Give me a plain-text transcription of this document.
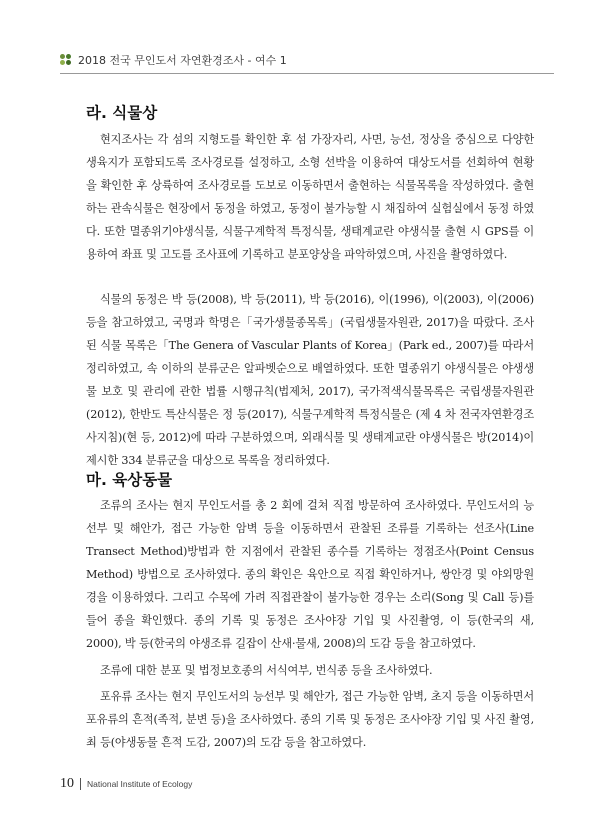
2018 전국 무인도서 자연환경조사 - 여수 1
라. 식물상

현지조사는 각 섬의 지형도를 확인한 후 섬 가장자리, 사면, 능선, 정상을 중심으로 다양한 생육지가 포함되도록 조사경로를 설정하고, 소형 선박을 이용하여 대상도서를 선회하여 현황을 확인한 후 상륙하여 조사경로를 도보로 이동하면서 출현하는 식물목록을 작성하였다. 출현하는 관속식물은 현장에서 동정을 하였고, 동정이 불가능할 시 채집하여 실험실에서 동정 하였다. 또한 멸종위기야생식물, 식물구계학적 특정식물, 생태계교란 야생식물 출현 시 GPS를 이용하여 좌표 및 고도를 조사표에 기록하고 분포양상을 파악하였으며, 사진을 촬영하였다.

식물의 동정은 박 등(2008), 박 등(2011), 박 등(2016), 이(1996), 이(2003), 이(2006) 등을 참고하였고, 국명과 학명은「국가생물종목록」(국립생물자원관, 2017)을 따랐다. 조사된 식물 목록은「The Genera of Vascular Plants of Korea」(Park ed., 2007)를 따라서 정리하였고, 속 이하의 분류군은 알파벳순으로 배열하였다. 또한 멸종위기 야생식물은 야생생물 보호 및 관리에 관한 법률 시행규칙(법제처, 2017), 국가적색식물목록은 국립생물자원관(2012), 한반도 특산식물은 정 등(2017), 식물구계학적 특정식물은 (제 4 차 전국자연환경조사지침)(현 등, 2012)에 따라 구분하였으며, 외래식물 및 생태계교란 야생식물은 방(2014)이 제시한 334 분류군을 대상으로 목록을 정리하였다.

마. 육상동물

조류의 조사는 현지 무인도서를 총 2 회에 걸쳐 직접 방문하여 조사하였다. 무인도서의 능선부 및 해안가, 접근 가능한 암벽 등을 이동하면서 관찰된 조류를 기록하는 선조사(Line Transect Method)방법과 한 지점에서 관찰된 종수를 기록하는 정점조사(Point Census Method) 방법으로 조사하였다. 종의 확인은 육안으로 직접 확인하거나, 쌍안경 및 야외망원경을 이용하였다. 그리고 수목에 가려 직접관찰이 불가능한 경우는 소리(Song 및 Call 등)를 들어 종을 확인했다. 종의 기록 및 동정은 조사야장 기입 및 사진촬영, 이 등(한국의 새, 2000), 박 등(한국의 야생조류 길잡이 산새·물새, 2008)의 도감 등을 참고하였다.

조류에 대한 분포 및 법정보호종의 서식여부, 번식종 등을 조사하였다.

포유류 조사는 현지 무인도서의 능선부 및 해안가, 접근 가능한 암벽, 초지 등을 이동하면서 포유류의 흔적(족적, 분변 등)을 조사하였다. 종의 기록 및 동정은 조사야장 기입 및 사진 촬영, 최 등(야생동물 흔적 도감, 2007)의 도감 등을 참고하였다.

10 National Institute of Ecology
